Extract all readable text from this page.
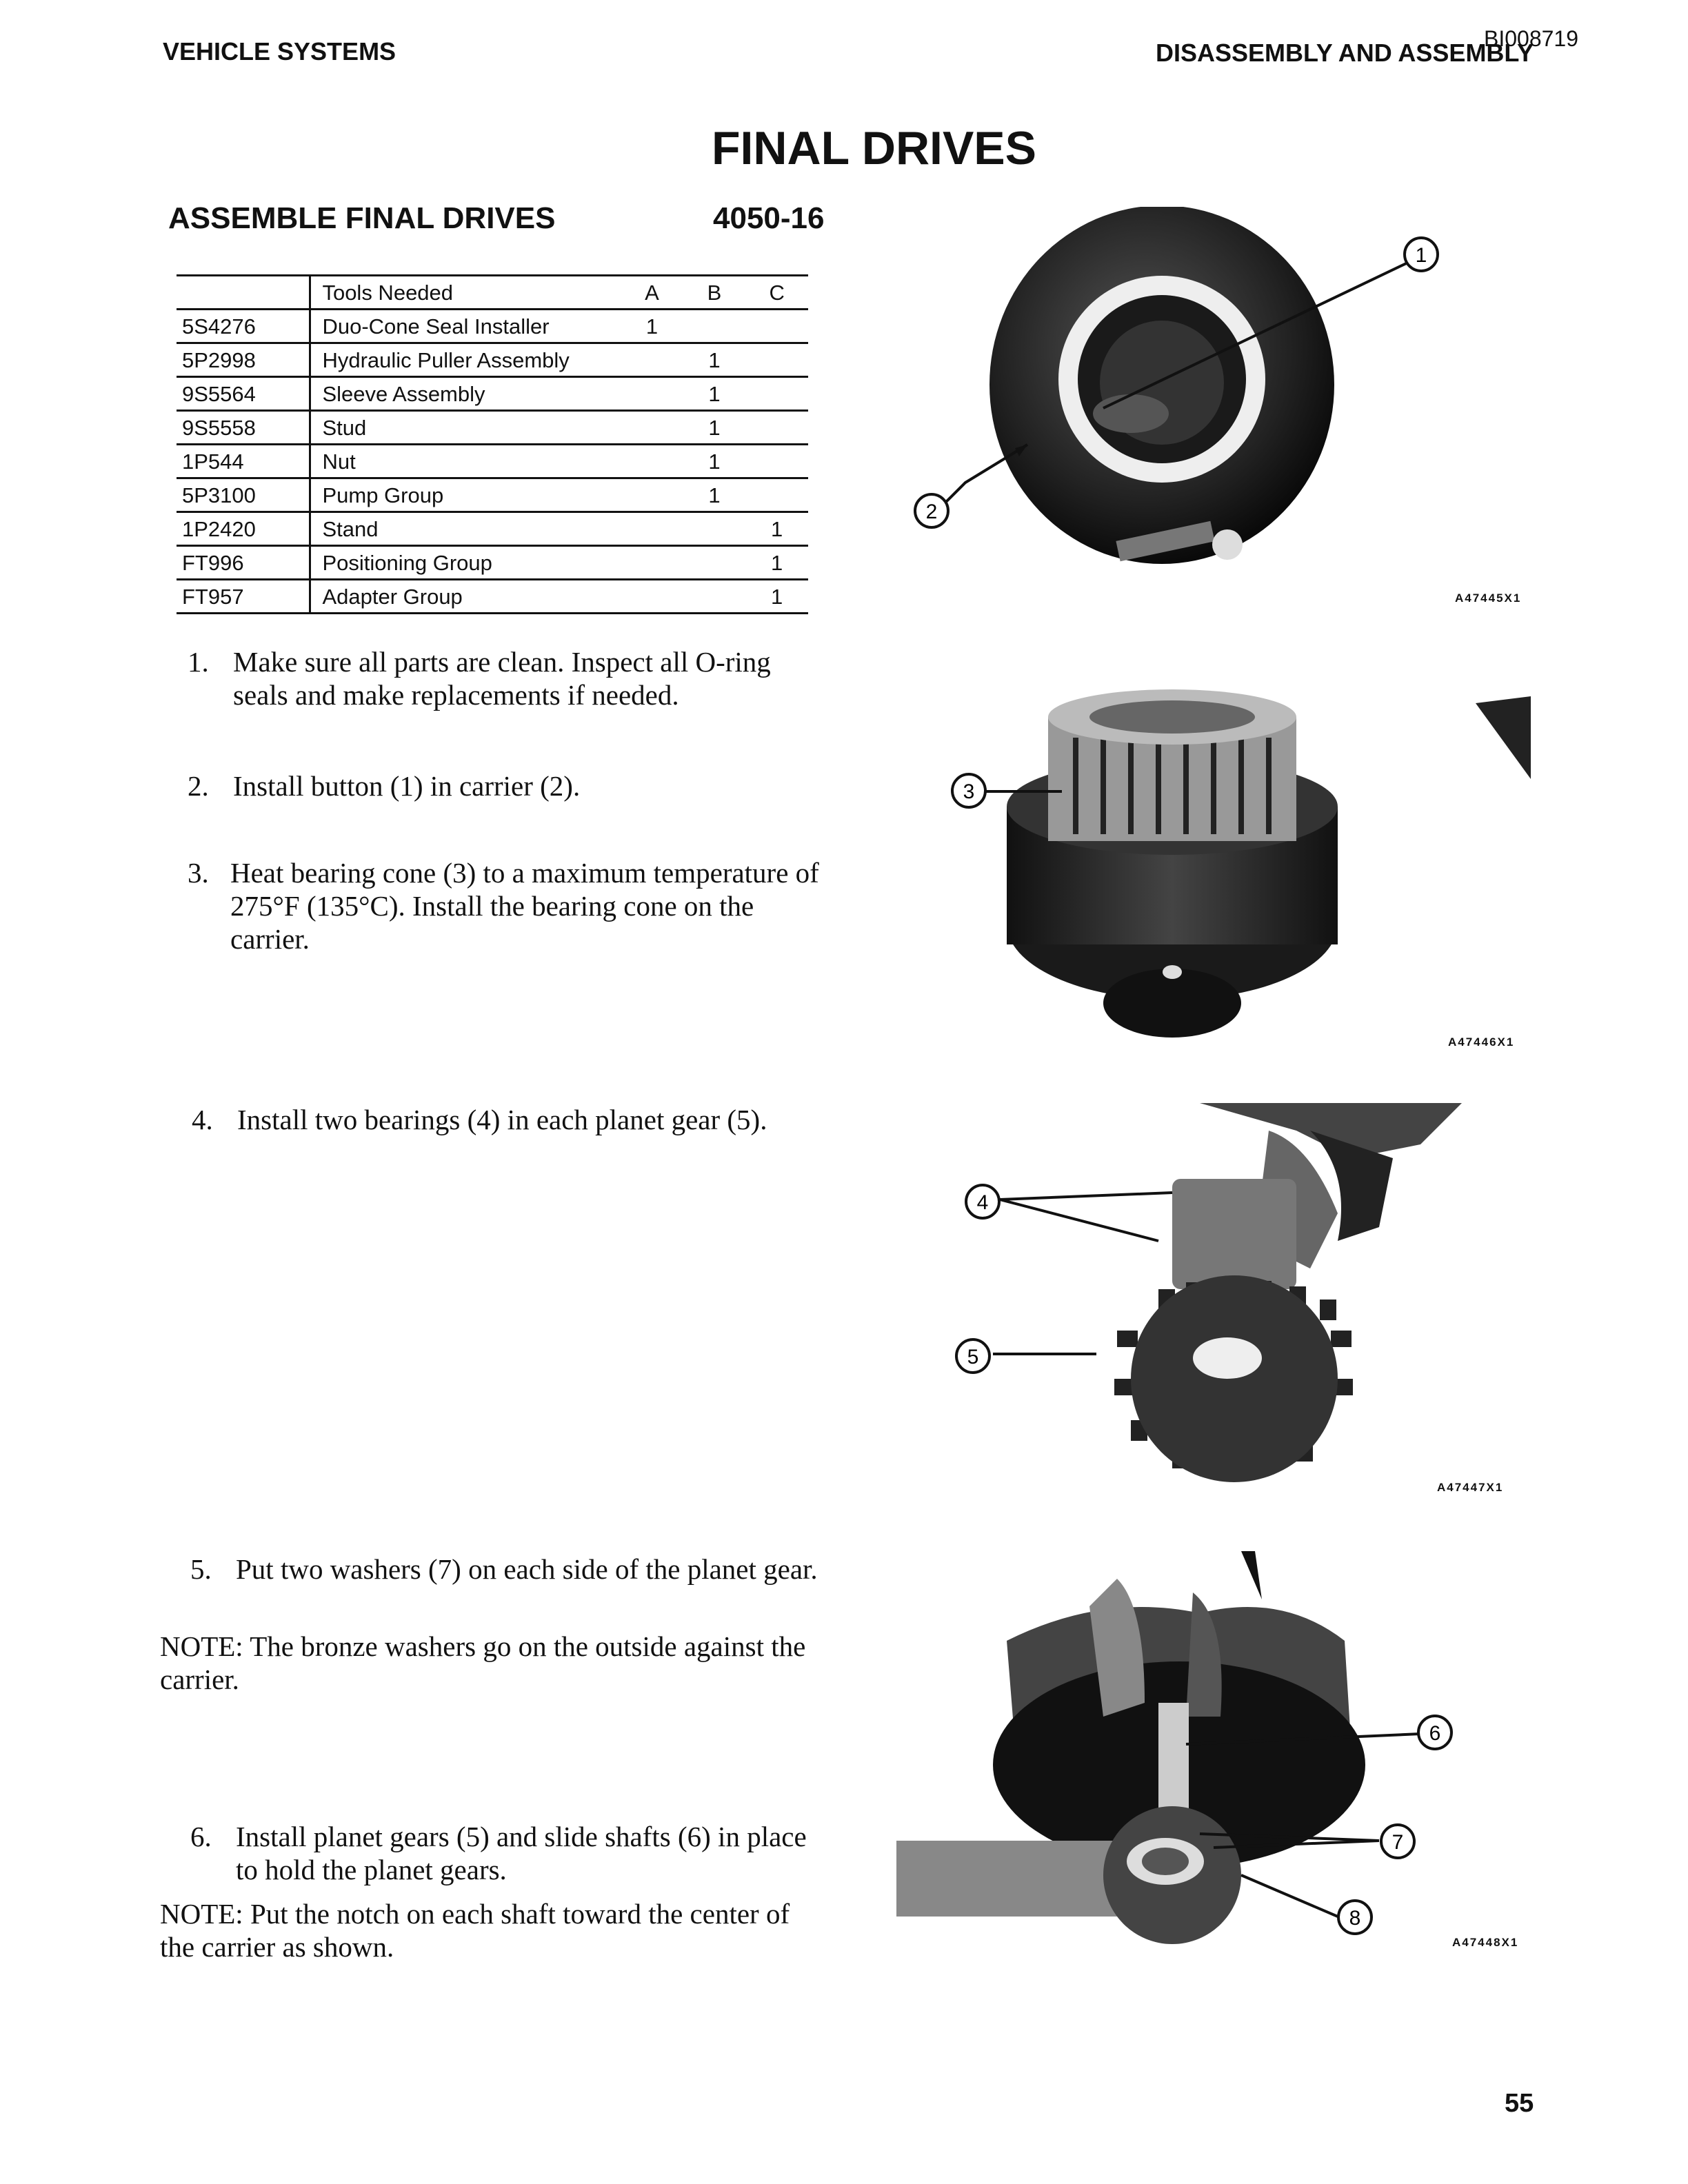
VEHICLE SYSTEMS	DISASSEMBLY AND ASSEMBLY
BI008719
FINAL DRIVES
ASSEMBLE FINAL DRIVES	4050-16
	Tools Needed	A	B	C
5S4276	Duo-Cone Seal Installer	1		
5P2998	Hydraulic Puller Assembly		1	
9S5564	Sleeve Assembly		1	
9S5558	Stud		1	
1P544	Nut		1	
5P3100	Pump Group		1	
1P2420	Stand			1
FT996	Positioning Group			1
FT957	Adapter Group			1
1. Make sure all parts are clean. Inspect all O-ring seals and make replacements if needed.
2. Install button (1) in carrier (2).
3. Heat bearing cone (3) to a maximum temperature of 275°F (135°C). Install the bearing cone on the carrier.
4. Install two bearings (4) in each planet gear (5).
5. Put two washers (7) on each side of the planet gear.
NOTE: The bronze washers go on the outside against the carrier.
6. Install planet gears (5) and slide shafts (6) in place to hold the planet gears.
NOTE: Put the notch on each shaft toward the center of the carrier as shown.
1
2
A47445X1
3
A47446X1
4
5
A47447X1
6
7
8
A47448X1
55
